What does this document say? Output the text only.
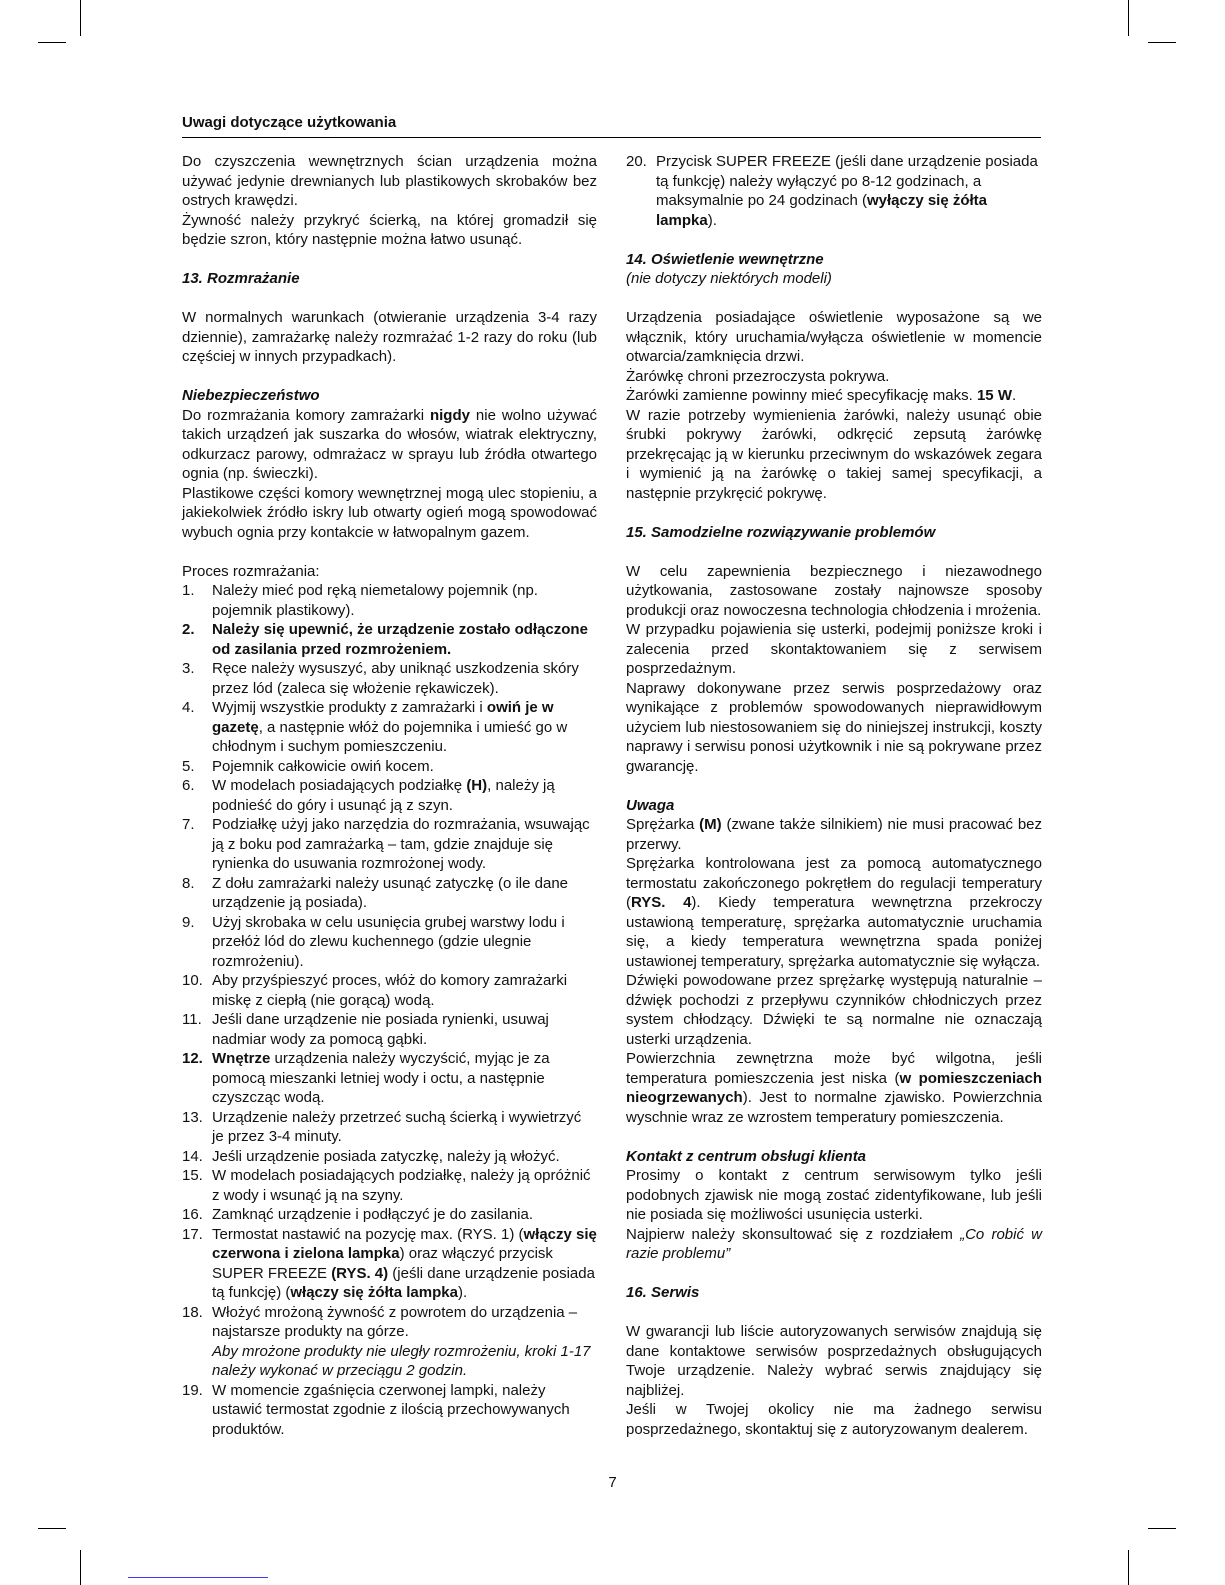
Uwagi dotyczące użytkowania

Do czyszczenia wewnętrznych ścian urządzenia można używać jedynie drewnianych lub plastikowych skrobaków bez ostrych krawędzi.

Żywność należy przykryć ścierką, na której gromadził się będzie szron, który następnie można łatwo usunąć.

13. Rozmrażanie

W normalnych warunkach (otwieranie urządzenia 3-4 razy dziennie), zamrażarkę należy rozmrażać 1-2 razy do roku (lub częściej w innych przypadkach).

Niebezpieczeństwo

Do rozmrażania komory zamrażarki nigdy nie wolno używać takich urządzeń jak suszarka do włosów, wiatrak elektryczny, odkurzacz parowy, odmrażacz w sprayu lub źródła otwartego ognia (np. świeczki).

Plastikowe części komory wewnętrznej mogą ulec stopieniu, a jakiekolwiek źródło iskry lub otwarty ogień mogą spowodować wybuch ognia przy kontakcie w łatwopalnym gazem.

Proces rozmrażania:

1.	Należy mieć pod ręką niemetalowy pojemnik (np. pojemnik plastikowy).
2.	Należy się upewnić, że urządzenie zostało odłączone od zasilania przed rozmrożeniem.
3.	Ręce należy wysuszyć, aby uniknąć uszkodzenia skóry przez lód (zaleca się włożenie rękawiczek).
4.	Wyjmij wszystkie produkty z zamrażarki i owiń je w gazetę, a następnie włóż do pojemnika i umieść go w chłodnym i suchym pomieszczeniu.
5.	Pojemnik całkowicie owiń kocem.
6.	W modelach posiadających podziałkę (H), należy ją podnieść do góry i usunąć ją z szyn.
7.	Podziałkę użyj jako narzędzia do rozmrażania, wsuwając ją z boku pod zamrażarką – tam, gdzie znajduje się rynienka do usuwania rozmrożonej wody.
8.	Z dołu zamrażarki należy usunąć zatyczkę (o ile dane urządzenie ją posiada).
9.	Użyj skrobaka w celu usunięcia grubej warstwy lodu i przełóż lód do zlewu kuchennego (gdzie ulegnie rozmrożeniu).
10. Aby przyśpieszyć proces, włóż do komory zamrażarki miskę z ciepłą (nie gorącą) wodą.
11. Jeśli dane urządzenie nie posiada rynienki, usuwaj nadmiar wody za pomocą gąbki.
12. Wnętrze urządzenia należy wyczyścić, myjąc je za pomocą mieszanki letniej wody i octu, a następnie czyszcząc wodą.
13. Urządzenie należy przetrzeć suchą ścierką i wywietrzyć je przez 3-4 minuty.
14. Jeśli urządzenie posiada zatyczkę, należy ją włożyć.
15. W modelach posiadających podziałkę, należy ją opróżnić z wody i wsunąć ją na szyny.
16. Zamknąć urządzenie i podłączyć je do zasilania.
17. Termostat nastawić na pozycję max. (RYS. 1) (włączy się czerwona i zielona lampka) oraz włączyć przycisk SUPER FREEZE (RYS. 4) (jeśli dane urządzenie posiada tą funkcję) (włączy się żółta lampka).
18. Włożyć mrożoną żywność z powrotem do urządzenia – najstarsze produkty na górze.
Aby mrożone produkty nie uległy rozmrożeniu, kroki 1-17 należy wykonać w przeciągu 2 godzin.
19. W momencie zgaśnięcia czerwonej lampki, należy ustawić termostat zgodnie z ilością przechowywanych produktów.
20. Przycisk SUPER FREEZE (jeśli dane urządzenie posiada tą funkcję) należy wyłączyć po 8-12 godzinach, a maksymalnie po 24 godzinach (wyłączy się żółta lampka).

14. Oświetlenie wewnętrzne

(nie dotyczy niektórych modeli)

Urządzenia posiadające oświetlenie wyposażone są we włącznik, który uruchamia/wyłącza oświetlenie w momencie otwarcia/zamknięcia drzwi.

Żarówkę chroni przezroczysta pokrywa.

Żarówki zamienne powinny mieć specyfikację maks. 15 W.

W razie potrzeby wymienienia żarówki, należy usunąć obie śrubki pokrywy żarówki, odkręcić zepsutą żarówkę przekręcając ją w kierunku przeciwnym do wskazówek zegara i wymienić ją na żarówkę o takiej samej specyfikacji, a następnie przykręcić pokrywę.

15. Samodzielne rozwiązywanie problemów

W celu zapewnienia bezpiecznego i niezawodnego użytkowania, zastosowane zostały najnowsze sposoby produkcji oraz nowoczesna technologia chłodzenia i mrożenia.

W przypadku pojawienia się usterki, podejmij poniższe kroki i zalecenia przed skontaktowaniem się z serwisem posprzedażnym.

Naprawy dokonywane przez serwis posprzedażowy oraz wynikające z problemów spowodowanych nieprawidłowym użyciem lub niestosowaniem się do niniejszej instrukcji, koszty naprawy i serwisu ponosi użytkownik i nie są pokrywane przez gwarancję.

Uwaga

Sprężarka (M) (zwane także silnikiem) nie musi pracować bez przerwy.

Sprężarka kontrolowana jest za pomocą automatycznego termostatu zakończonego pokrętłem do regulacji temperatury (RYS. 4). Kiedy temperatura wewnętrzna przekroczy ustawioną temperaturę, sprężarka automatycznie uruchamia się, a kiedy temperatura wewnętrzna spada poniżej ustawionej temperatury, sprężarka automatycznie się wyłącza.

Dźwięki powodowane przez sprężarkę występują naturalnie – dźwięk pochodzi z przepływu czynników chłodniczych przez system chłodzący. Dźwięki te są normalne nie oznaczają usterki urządzenia.

Powierzchnia zewnętrzna może być wilgotna, jeśli temperatura pomieszczenia jest niska (w pomieszczeniach nieogrzewanych). Jest to normalne zjawisko. Powierzchnia wyschnie wraz ze wzrostem temperatury pomieszczenia.

Kontakt z centrum obsługi klienta

Prosimy o kontakt z centrum serwisowym tylko jeśli podobnych zjawisk nie mogą zostać zidentyfikowane, lub jeśli nie posiada się możliwości usunięcia usterki.

Najpierw należy skonsultować się z rozdziałem „Co robić w razie problemu”

16. Serwis

W gwarancji lub liście autoryzowanych serwisów znajdują się dane kontaktowe serwisów posprzedażnych obsługujących Twoje urządzenie. Należy wybrać serwis znajdujący się najbliżej.

Jeśli w Twojej okolicy nie ma żadnego serwisu posprzedażnego, skontaktuj się z autoryzowanym dealerem.

7
